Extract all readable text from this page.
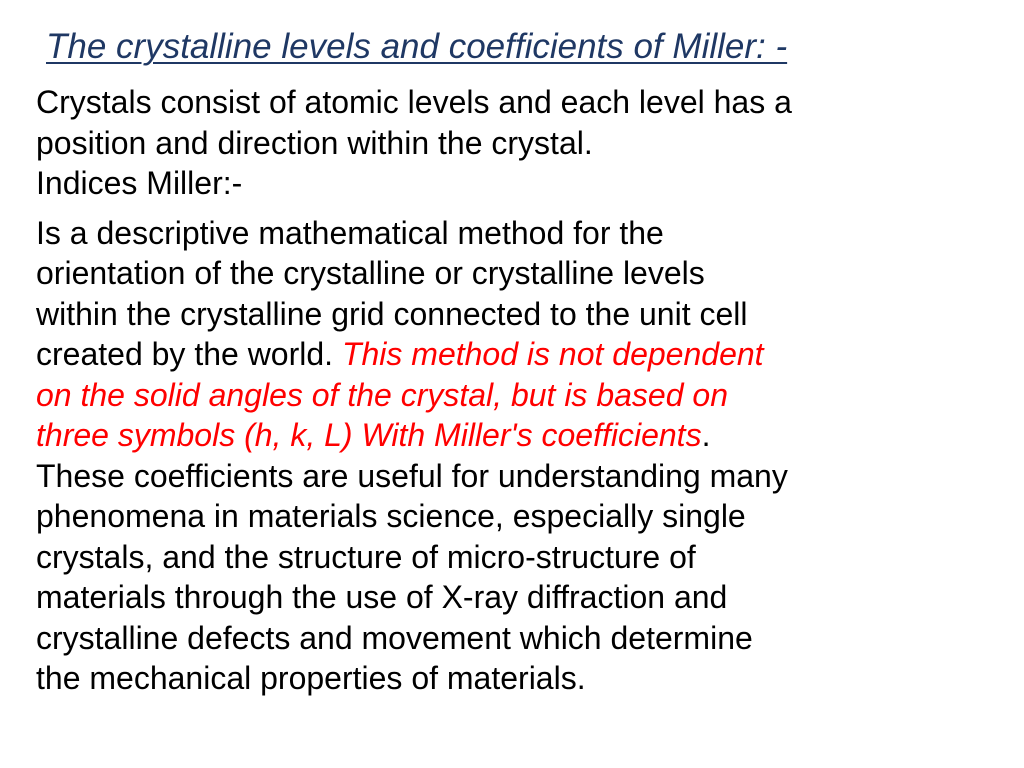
The crystalline levels and coefficients of Miller: -

Crystals consist of atomic levels and each level has a
position and direction within the crystal.
Indices Miller:-

Is a descriptive mathematical method for the
orientation of the crystalline or crystalline levels
within the crystalline grid connected to the unit cell
created by the world. This method is not dependent
on the solid angles of the crystal, but is based on
three symbols (h, k, L) With Miller's coefficients.
These coefficients are useful for understanding many
phenomena in materials science, especially single
crystals, and the structure of micro-structure of
materials through the use of X-ray diffraction and
crystalline defects and movement which determine
the mechanical properties of materials.
